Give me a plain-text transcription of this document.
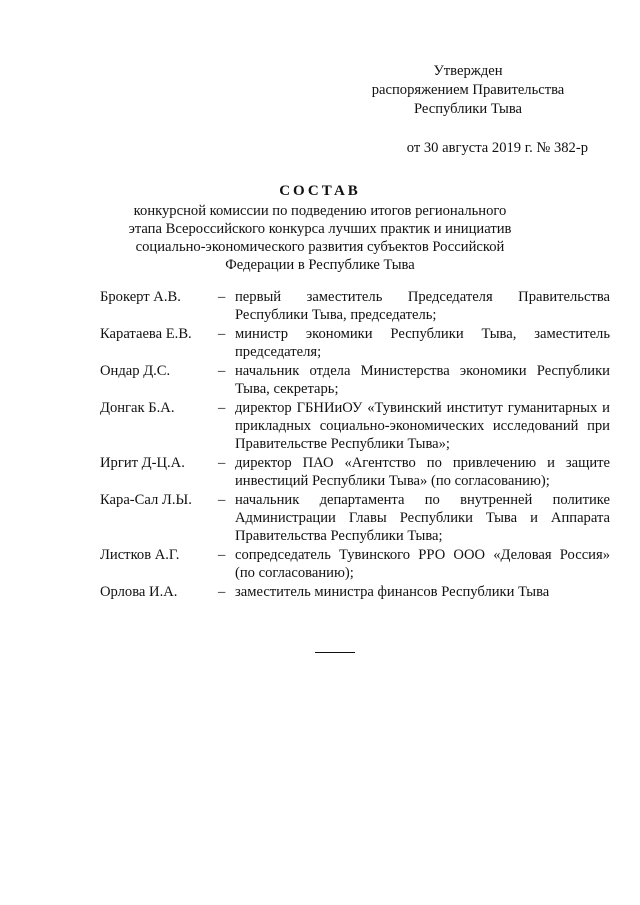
Утвержден
распоряжением Правительства
Республики Тыва
от 30 августа 2019 г. № 382-р
СОСТАВ
конкурсной комиссии по подведению итогов регионального этапа Всероссийского конкурса лучших практик и инициатив социально-экономического развития субъектов Российской Федерации в Республике Тыва
Брокерт А.В.	– первый заместитель Председателя Правительства Республики Тыва, председатель;
Каратаева Е.В. – министр экономики Республики Тыва, заместитель председателя;
Ондар Д.С.	– начальник отдела Министерства экономики Республики Тыва, секретарь;
Донгак Б.А.	– директор ГБНИиОУ «Тувинский институт гуманитарных и прикладных социально-экономических исследований при Правительстве Республики Тыва»;
Иргит Д-Ц.А. – директор ПАО «Агентство по привлечению и защите инвестиций Республики Тыва» (по согласованию);
Кара-Сал Л.Ы. – начальник департамента по внутренней политике Администрации Главы Республики Тыва и Аппарата Правительства Республики Тыва;
Листков А.Г.	– сопредседатель Тувинского РРО ООО «Деловая Россия» (по согласованию);
Орлова И.А.	– заместитель министра финансов Республики Тыва
